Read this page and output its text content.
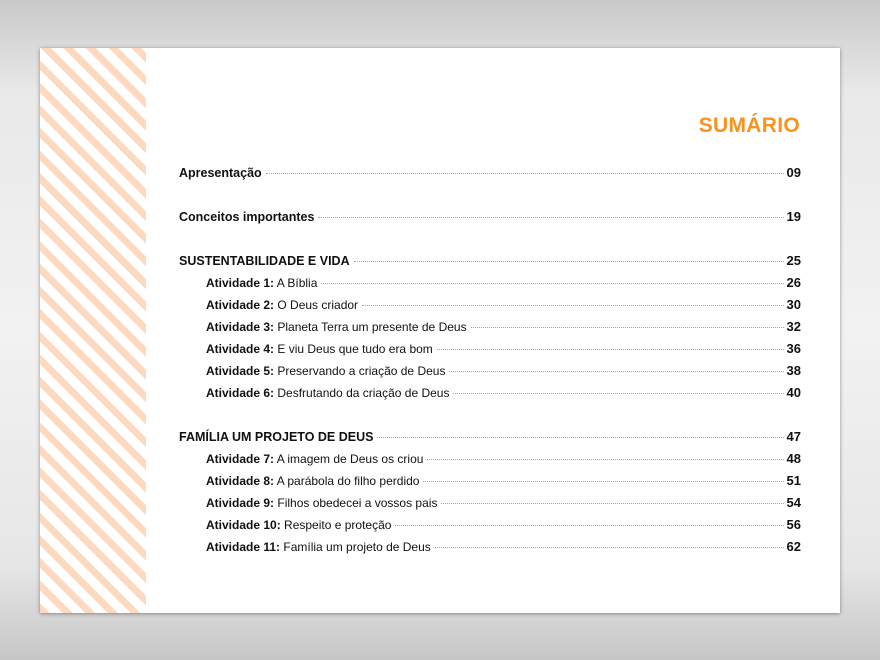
SUMÁRIO
Apresentação	09
Conceitos importantes	19
SUSTENTABILIDADE E VIDA	25
Atividade 1: A Bíblia	26
Atividade 2: O Deus criador	30
Atividade 3: Planeta Terra um presente de Deus	32
Atividade 4: E viu Deus que tudo era bom	36
Atividade 5: Preservando a criação de Deus	38
Atividade 6: Desfrutando da criação de Deus	40
FAMÍLIA UM PROJETO DE DEUS	47
Atividade 7: A imagem de Deus os criou	48
Atividade 8: A parábola do filho perdido	51
Atividade 9: Filhos obedecei a vossos pais	54
Atividade 10: Respeito e proteção	56
Atividade 11: Família um projeto de Deus	62
